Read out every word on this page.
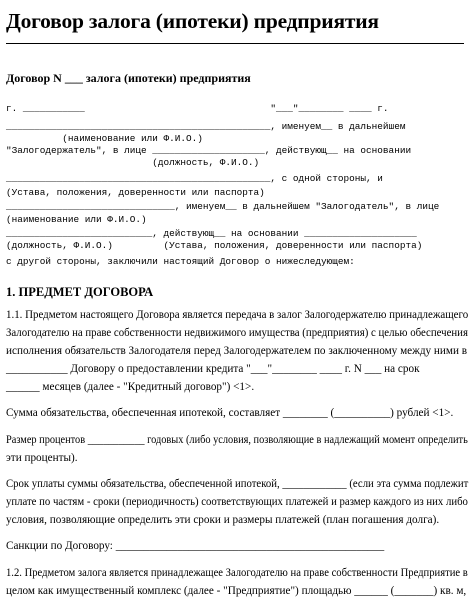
Договор залога (ипотеки) предприятия
Договор N ___ залога (ипотеки) предприятия
г. ___________                                 "___"________ ____ г.
_______________________________________________, именуем__ в дальнейшем
(наименование или Ф.И.О.)
"Залогодержатель", в лице ____________________, действующ__ на основании
(должность, Ф.И.О.)
_______________________________________________, с одной стороны, и
(Устава, положения, доверенности или паспорта)
______________________________, именуем__ в дальнейшем "Залогодатель", в лице
(наименование или Ф.И.О.)
__________________________, действующ__ на основании ____________________
(должность, Ф.И.О.)         (Устава, положения, доверенности или паспорта)
с другой стороны, заключили настоящий Договор о нижеследующем:
1. ПРЕДМЕТ ДОГОВОРА
1.1. Предметом настоящего Договора является передача в залог Залогодержателю принадлежащего
Залогодателю на праве собственности недвижимого имущества (предприятия) с целью обеспечения
исполнения обязательств Залогодателя перед Залогодержателем по заключенному между ними в
___________ Договору о предоставлении кредита "___"________ ____ г. N ___ на срок
______ месяцев (далее - "Кредитный договор") <1>.
Сумма обязательства, обеспеченная ипотекой, составляет ________ (__________) рублей <1>.
Размер процентов ___________ годовых (либо условия, позволяющие в надлежащий момент определить
эти проценты).
Срок уплаты суммы обязательства, обеспеченной ипотекой, ____________ (если эта сумма подлежит
уплате по частям - сроки (периодичность) соответствующих платежей и размер каждого из них либо
условия, позволяющие определить эти сроки и размеры платежей (план погашения долга).
Санкции по Договору: ________________________________________________
1.2. Предметом залога является принадлежащее Залогодателю на праве собственности Предприятие в
целом как имущественный комплекс (далее - "Предприятие") площадью ______ (_______) кв. м,
